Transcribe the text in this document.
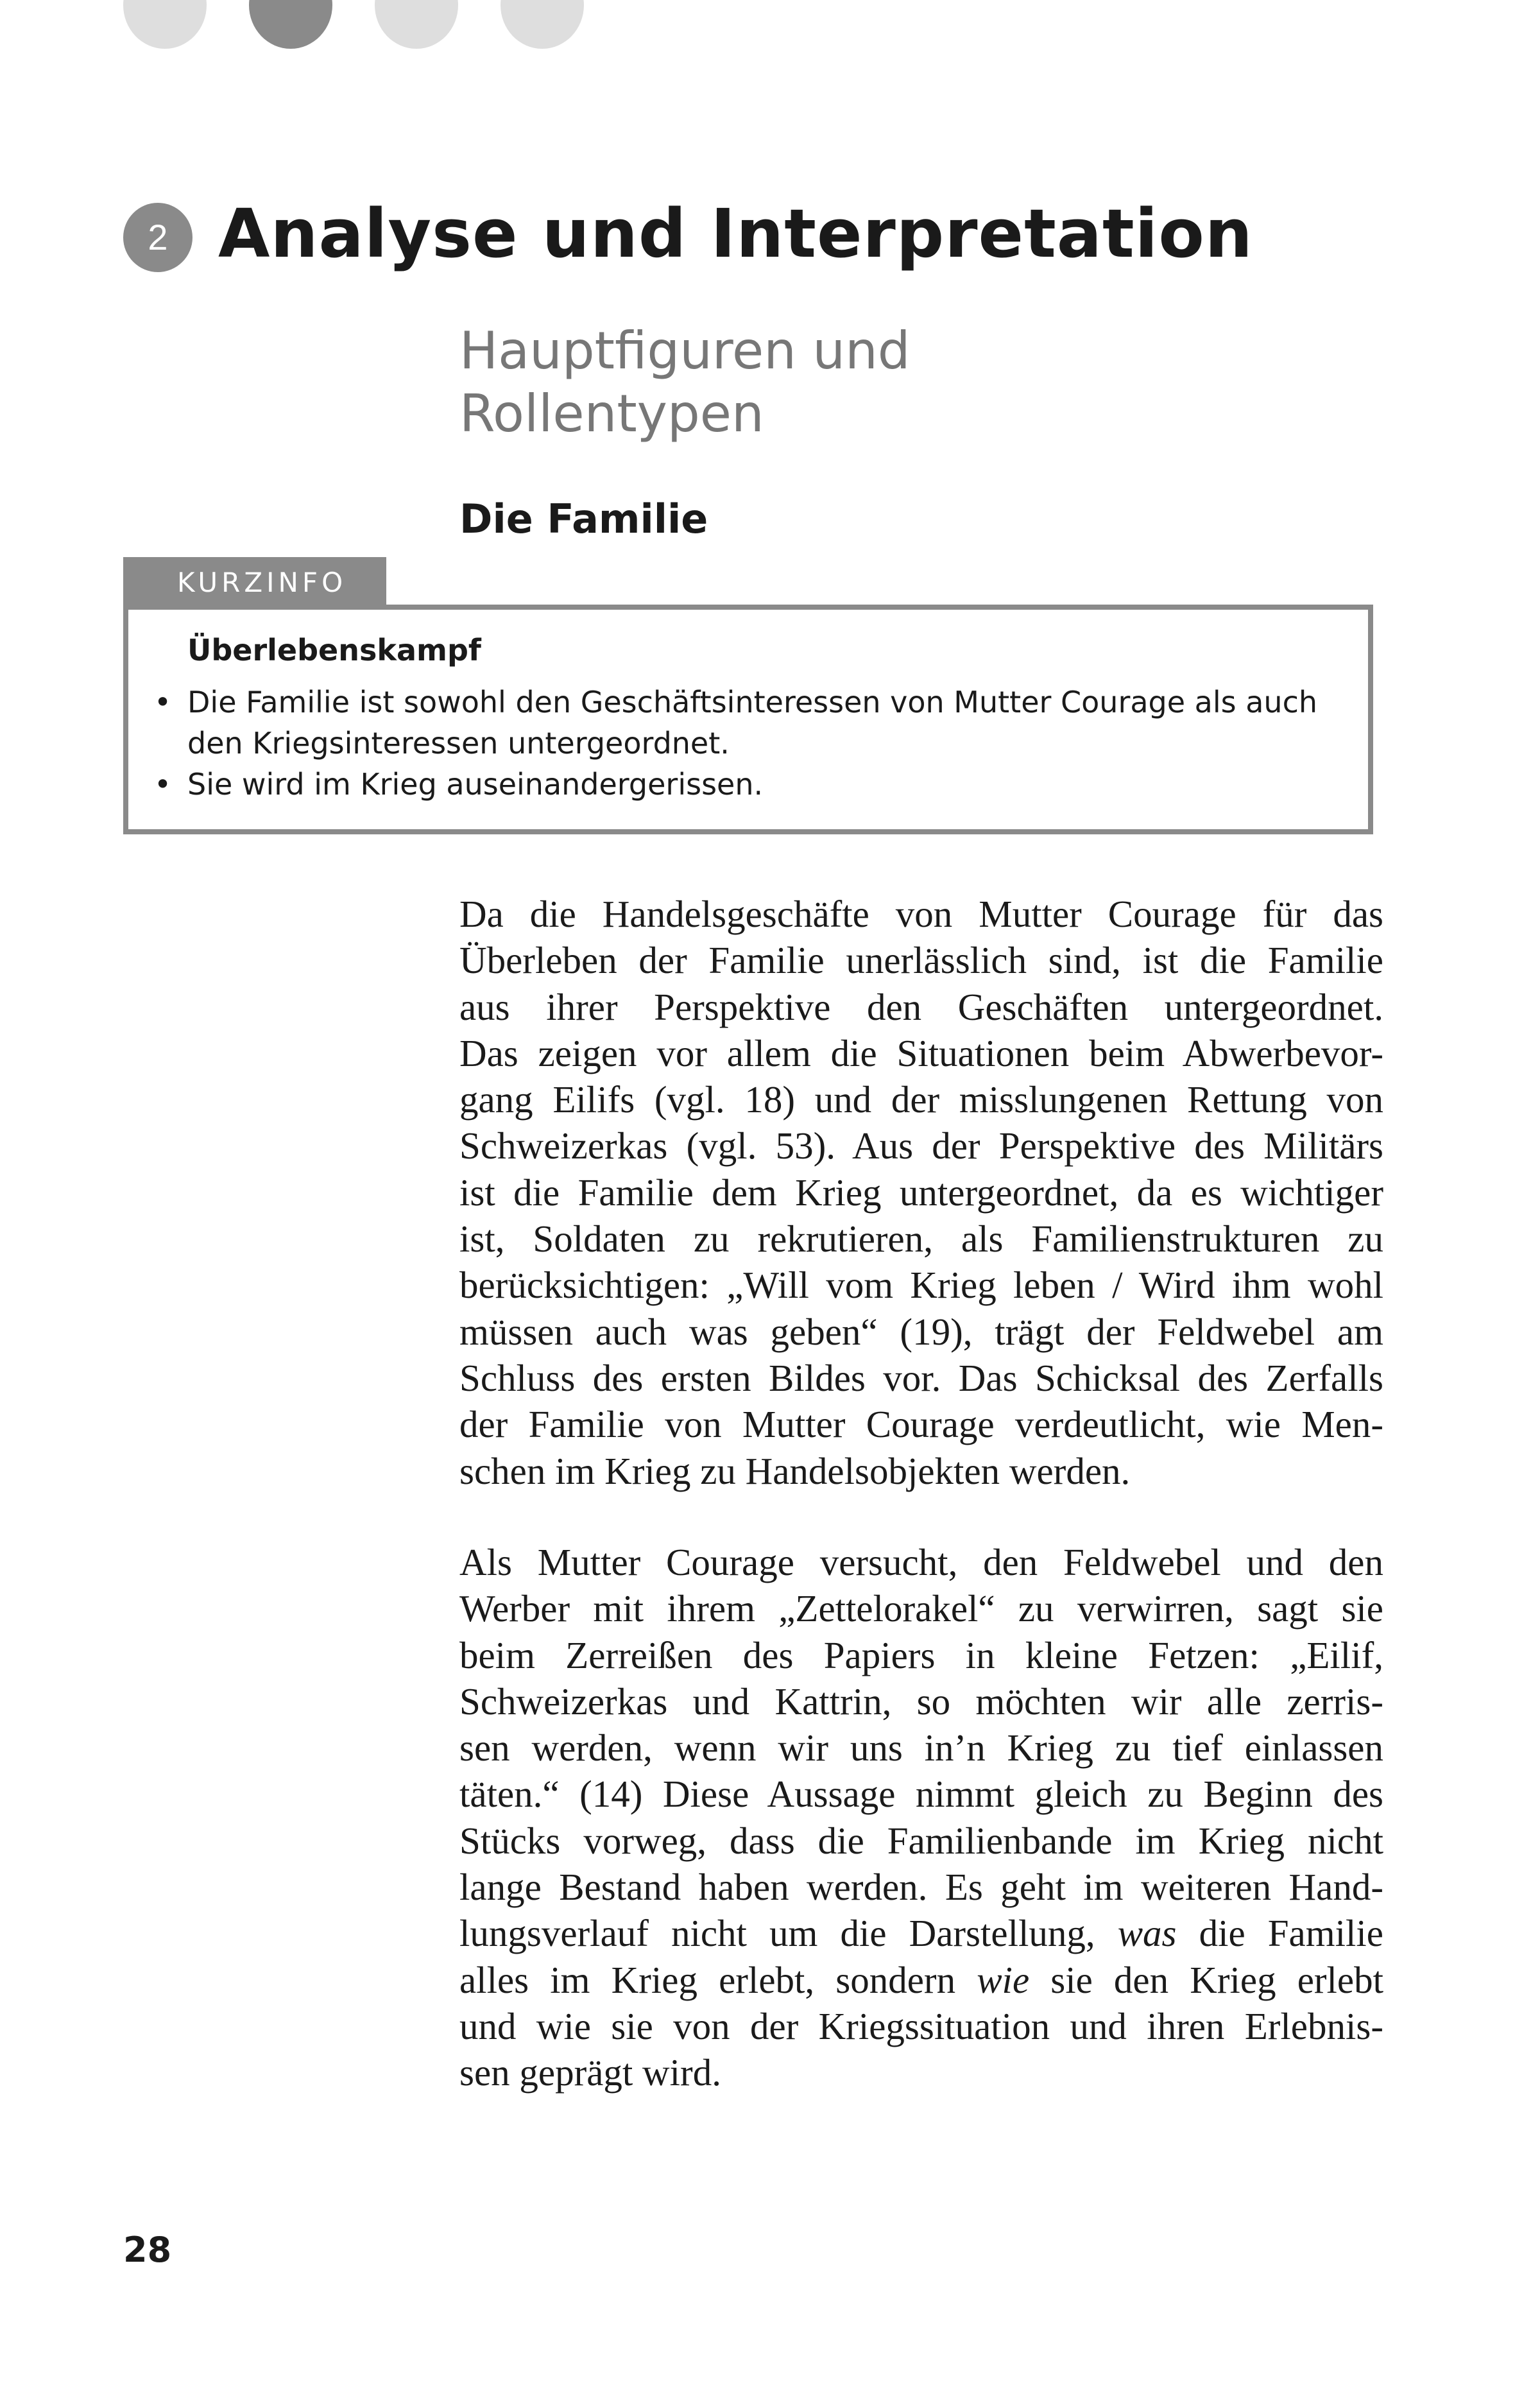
2 Analyse und Interpretation
Hauptfiguren und
Rollentypen
Die Familie
KURZINFO
Überlebenskampf
• Die Familie ist sowohl den Geschäftsinteressen von Mutter Courage als auch
den Kriegsinteressen untergeordnet.
• Sie wird im Krieg auseinandergerissen.
Da die Handelsgeschäfte von Mutter Courage für das
Überleben der Familie unerlässlich sind, ist die Familie
aus ihrer Perspektive den Geschäften untergeordnet.
Das zeigen vor allem die Situationen beim Abwerbevor-
gang Eilifs (vgl. 18) und der misslungenen Rettung von
Schweizerkas (vgl. 53). Aus der Perspektive des Militärs
ist die Familie dem Krieg untergeordnet, da es wichtiger
ist, Soldaten zu rekrutieren, als Familienstrukturen zu
berücksichtigen: „Will vom Krieg leben / Wird ihm wohl
müssen auch was geben“ (19), trägt der Feldwebel am
Schluss des ersten Bildes vor. Das Schicksal des Zerfalls
der Familie von Mutter Courage verdeutlicht, wie Men-
schen im Krieg zu Handelsobjekten werden.
Als Mutter Courage versucht, den Feldwebel und den
Werber mit ihrem „Zettelorakel“ zu verwirren, sagt sie
beim Zerreißen des Papiers in kleine Fetzen: „Eilif,
Schweizerkas und Kattrin, so möchten wir alle zerris-
sen werden, wenn wir uns in’n Krieg zu tief einlassen
täten.“ (14) Diese Aussage nimmt gleich zu Beginn des
Stücks vorweg, dass die Familienbande im Krieg nicht
lange Bestand haben werden. Es geht im weiteren Hand-
lungsverlauf nicht um die Darstellung, was die Familie
alles im Krieg erlebt, sondern wie sie den Krieg erlebt
und wie sie von der Kriegssituation und ihren Erlebnis-
sen geprägt wird.
28
